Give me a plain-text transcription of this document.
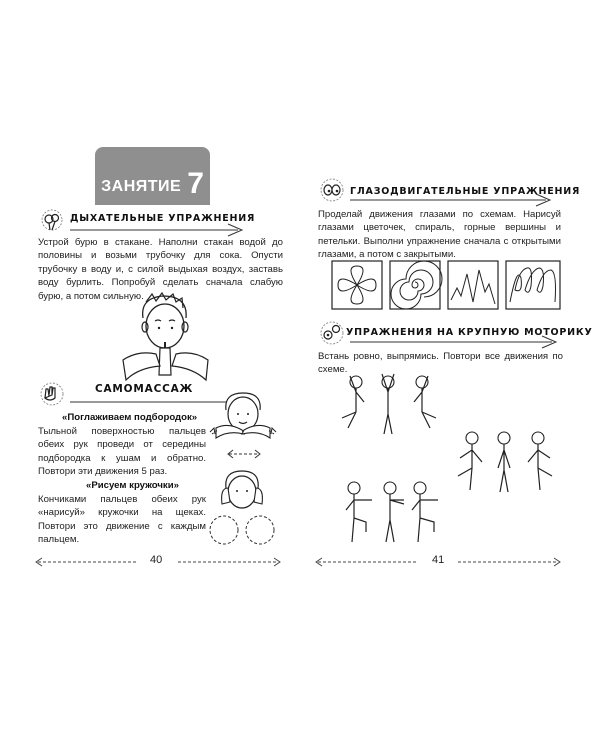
ЗАНЯТИЕ 7
ДЫХАТЕЛЬНЫЕ УПРАЖНЕНИЯ
Устрой бурю в стакане. Наполни стакан водой до половины и возьми трубочку для сока. Опусти трубочку в воду и, с силой выдыхая воздух, заставь воду бурлить. Попробуй сделать сначала слабую бурю, а потом сильную.
САМОМАССАЖ
«Поглаживаем подбородок»
Тыльной поверхностью пальцев обеих рук проведи от середины подбородка к ушам и обратно. Повтори эти движения 5 раз.
«Рисуем кружочки»
Кончиками пальцев обеих рук «нарисуй» кружочки на щеках. Повтори это движение с каждым пальцем.
40
ГЛАЗОДВИГАТЕЛЬНЫЕ УПРАЖНЕНИЯ
Проделай движения глазами по схемам. Нарисуй глазами цветочек, спираль, горные вершины и петельки. Выполни упражнение сначала с открытыми глазами, а потом с закрытыми.
УПРАЖНЕНИЯ НА КРУПНУЮ МОТОРИКУ
Встань ровно, выпрямись. Повтори все движения по схеме.
41
